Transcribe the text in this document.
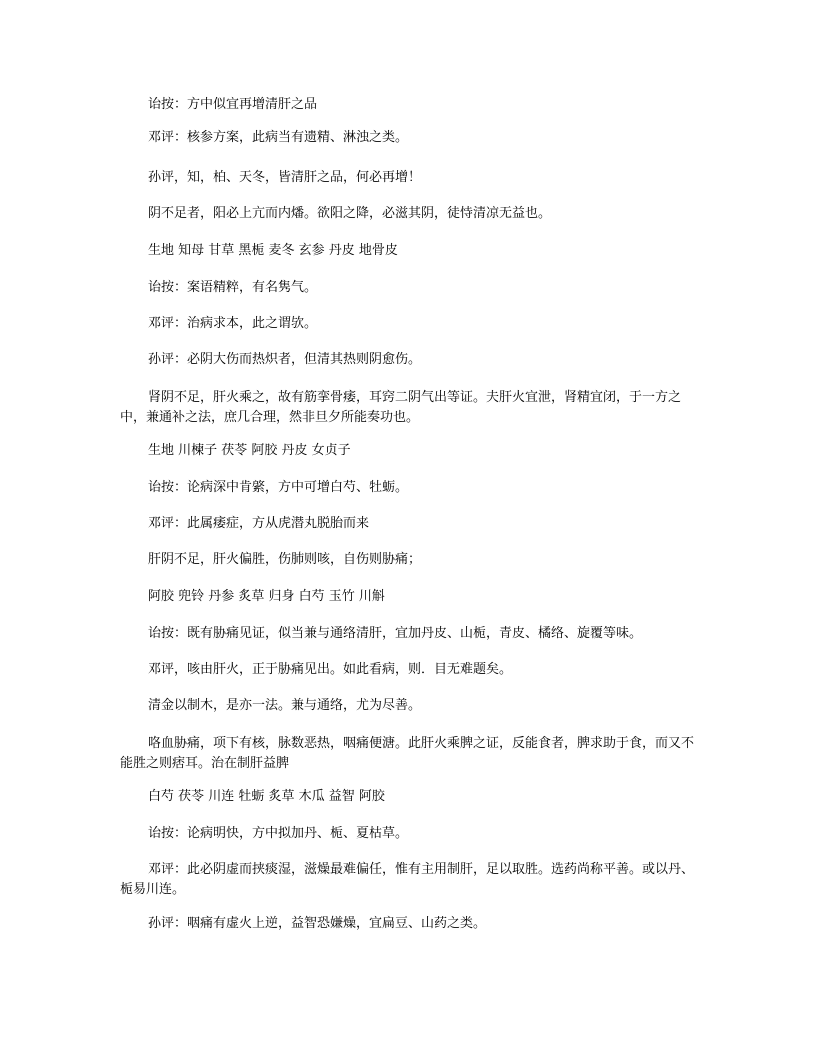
诒按：方中似宜再增清肝之品

邓评：核参方案，此病当有遗精、淋浊之类。

孙评，知，柏、天冬，皆清肝之品，何必再增！

阴不足者，阳必上亢而内燔。欲阳之降，必滋其阴，徒恃清凉无益也。

生地 知母 甘草 黑栀 麦冬 玄参 丹皮 地骨皮

诒按：案语精粹，有名隽气。

邓评：治病求本，此之谓欤。

孙评：必阴大伤而热炽者，但清其热则阴愈伤。

肾阴不足，肝火乘之，故有筋挛骨痿，耳窍二阴气出等证。夫肝火宜泄，肾精宜闭，于一方之中，兼通补之法，庶几合理，然非旦夕所能奏功也。

生地 川楝子 茯苓 阿胶 丹皮 女贞子

诒按：论病深中肯綮，方中可增白芍、牡蛎。

邓评：此属痿症，方从虎潜丸脱胎而来

肝阴不足，肝火偏胜，伤肺则咳，自伤则胁痛；

阿胶 兜铃 丹参 炙草 归身 白芍 玉竹 川斛

诒按：既有胁痛见证，似当兼与通络清肝，宜加丹皮、山栀，青皮、橘络、旋覆等味。

邓评，咳由肝火，正于胁痛见出。如此看病，则．目无难题矣。

清金以制木，是亦一法。兼与通络，尤为尽善。

咯血胁痛，项下有核，脉数恶热，咽痛便溏。此肝火乘脾之证，反能食者，脾求助于食，而又不能胜之则痞耳。治在制肝益脾

白芍 茯苓 川连 牡蛎 炙草 木瓜 益智 阿胶

诒按：论病明快，方中拟加丹、栀、夏枯草。

邓评：此必阴虚而挟痰湿，滋燥最难偏任，惟有主用制肝，足以取胜。选药尚称平善。或以丹、栀易川连。

孙评：咽痛有虚火上逆，益智恐嫌燥，宜扁豆、山药之类。
